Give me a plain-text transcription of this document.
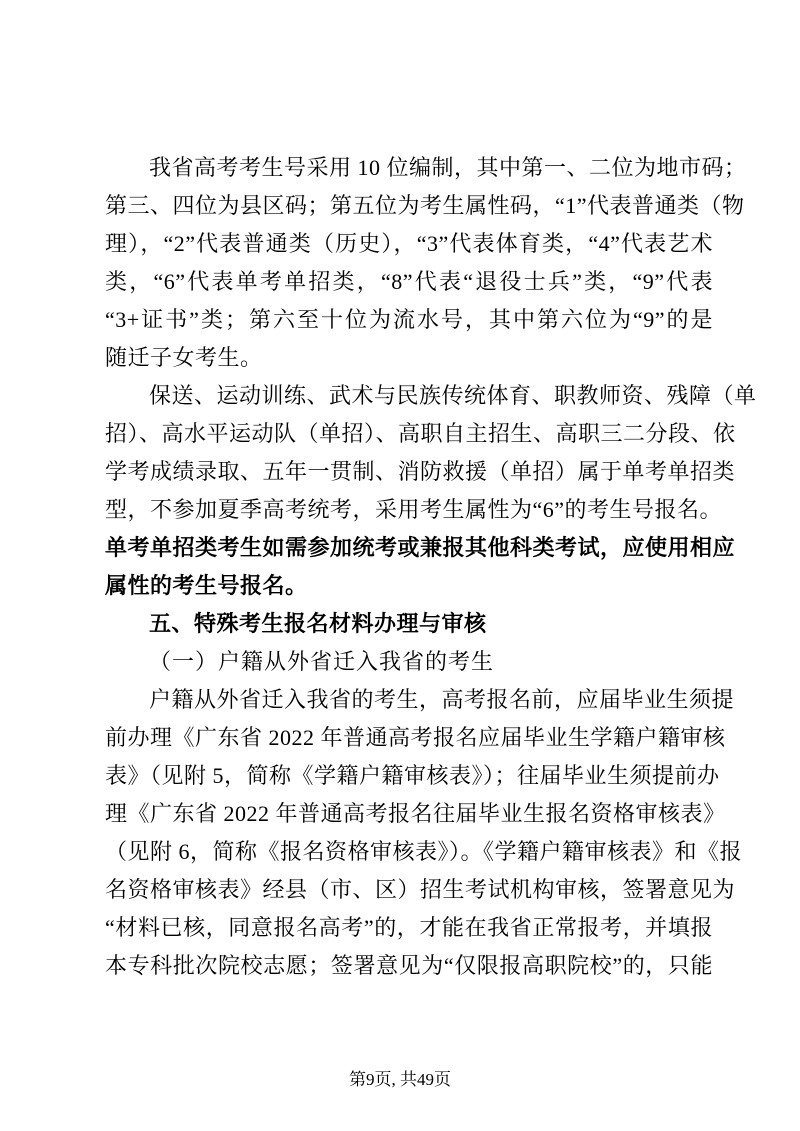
我省高考考生号采用 10 位编制，其中第一、二位为地市码；
第三、四位为县区码；第五位为考生属性码，“1”代表普通类（物
理），“2”代表普通类（历史），“3”代表体育类，“4”代表艺术
类，“6”代表单考单招类，“8”代表“退役士兵”类，“9”代表
“3+证书”类；第六至十位为流水号，其中第六位为“9”的是
随迁子女考生。
保送、运动训练、武术与民族传统体育、职教师资、残障（单
招）、高水平运动队（单招）、高职自主招生、高职三二分段、依
学考成绩录取、五年一贯制、消防救援（单招）属于单考单招类
型，不参加夏季高考统考，采用考生属性为“6”的考生号报名。
单考单招类考生如需参加统考或兼报其他科类考试，应使用相应
属性的考生号报名。
五、特殊考生报名材料办理与审核
（一）户籍从外省迁入我省的考生
户籍从外省迁入我省的考生，高考报名前，应届毕业生须提
前办理《广东省 2022 年普通高考报名应届毕业生学籍户籍审核
表》（见附 5，简称《学籍户籍审核表》）；往届毕业生须提前办
理《广东省 2022 年普通高考报名往届毕业生报名资格审核表》
（见附 6，简称《报名资格审核表》）。《学籍户籍审核表》和《报
名资格审核表》经县（市、区）招生考试机构审核，签署意见为
“材料已核，同意报名高考”的，才能在我省正常报考，并填报
本专科批次院校志愿；签署意见为“仅限报高职院校”的，只能
第9页, 共49页
